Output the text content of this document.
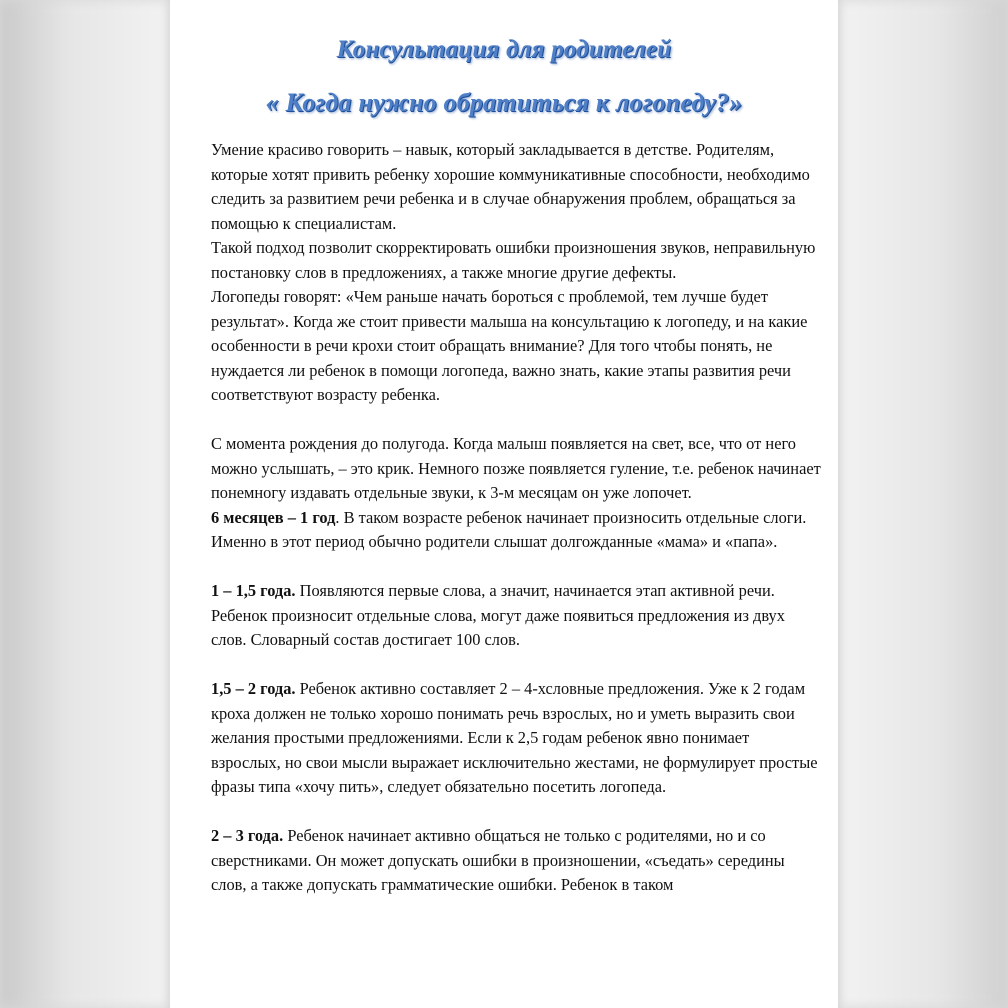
Консультация для родителей
« Когда нужно обратиться к логопеду?»

Умение красиво говорить – навык, который закладывается в детстве. Родителям, которые хотят привить ребенку хорошие коммуникативные способности, необходимо следить за развитием речи ребенка и в случае обнаружения проблем, обращаться за помощью к специалистам.

Такой подход позволит скорректировать ошибки произношения звуков, неправильную постановку слов в предложениях, а также многие другие дефекты.

Логопеды говорят: «Чем раньше начать бороться с проблемой, тем лучше будет результат». Когда же стоит привести малыша на консультацию к логопеду, и на какие особенности в речи крохи стоит обращать внимание? Для того чтобы понять, не нуждается ли ребенок в помощи логопеда, важно знать, какие этапы развития речи соответствуют возрасту ребенка.

С момента рождения до полугода. Когда малыш появляется на свет, все, что от него можно услышать, – это крик. Немного позже появляется гуление, т.е. ребенок начинает понемногу издавать отдельные звуки, к 3-м месяцам он уже лопочет.

6 месяцев – 1 год. В таком возрасте ребенок начинает произносить отдельные слоги. Именно в этот период обычно родители слышат долгожданные «мама» и «папа».

1 – 1,5 года. Появляются первые слова, а значит, начинается этап активной речи. Ребенок произносит отдельные слова, могут даже появиться предложения из двух слов. Словарный состав достигает 100 слов.

1,5 – 2 года. Ребенок активно составляет 2 – 4-хсловные предложения. Уже к 2 годам кроха должен не только хорошо понимать речь взрослых, но и уметь выразить свои желания простыми предложениями. Если к 2,5 годам ребенок явно понимает взрослых, но свои мысли выражает исключительно жестами, не формулирует простые фразы типа «хочу пить», следует обязательно посетить логопеда.

2 – 3 года. Ребенок начинает активно общаться не только с родителями, но и со сверстниками. Он может допускать ошибки в произношении, «съедать» середины слов, а также допускать грамматические ошибки. Ребенок в таком
